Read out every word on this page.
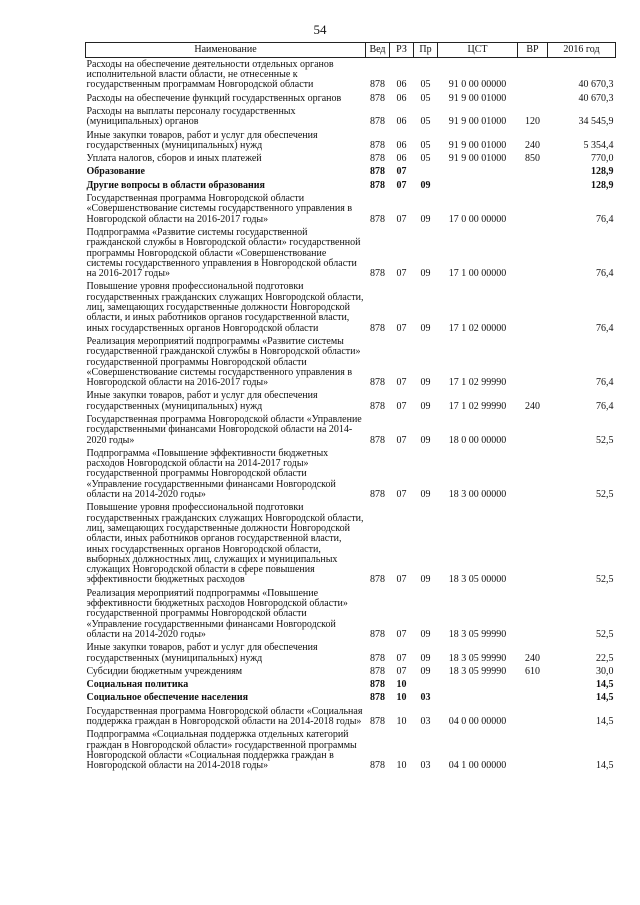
54
Наименование	Вед	РЗ	Пр	ЦСТ	ВР	2016 год
Расходы на обеспечение деятельности отдельных органов исполнительной власти области, не отнесенные к государственным программам Новгородской области	878	06	05	91 0 00 00000		40 670,3
Расходы на обеспечение функций государственных органов	878	06	05	91 9 00 01000		40 670,3
Расходы на выплаты персоналу государственных (муниципальных) органов	878	06	05	91 9 00 01000	120	34 545,9
Иные закупки товаров, работ и услуг для обеспечения государственных (муниципальных) нужд	878	06	05	91 9 00 01000	240	5 354,4
Уплата налогов, сборов и иных платежей	878	06	05	91 9 00 01000	850	770,0
Образование	878	07				128,9
Другие вопросы в области образования	878	07	09			128,9
Государственная программа Новгородской области «Совершенствование системы государственного управления в Новгородской области на 2016-2017 годы»	878	07	09	17 0 00 00000		76,4
Подпрограмма «Развитие системы государственной гражданской службы в Новгородской области» государственной программы Новгородской области «Совершенствование системы государственного управления в Новгородской области на 2016-2017 годы»	878	07	09	17 1 00 00000		76,4
Повышение уровня профессиональной подготовки государственных гражданских служащих Новгородской области, лиц, замещающих государственные должности Новгородской области, и иных работников органов государственной власти, иных государственных органов Новгородской области	878	07	09	17 1 02 00000		76,4
Реализация мероприятий подпрограммы «Развитие системы государственной гражданской службы в Новгородской области» государственной программы Новгородской области «Совершенствование системы государственного управления в Новгородской области на 2016-2017 годы»	878	07	09	17 1 02 99990		76,4
Иные закупки товаров, работ и услуг для обеспечения государственных (муниципальных) нужд	878	07	09	17 1 02 99990	240	76,4
Государственная программа Новгородской области «Управление государственными финансами Новгородской области на 2014-2020 годы»	878	07	09	18 0 00 00000		52,5
Подпрограмма «Повышение эффективности бюджетных расходов Новгородской области на 2014-2017 годы» государственной программы Новгородской области «Управление государственными финансами Новгородской области на 2014-2020 годы»	878	07	09	18 3 00 00000		52,5
Повышение уровня профессиональной подготовки государственных гражданских служащих Новгородской области, лиц, замещающих государственные должности Новгородской области, иных работников органов государственной власти, иных государственных органов Новгородской области, выборных должностных лиц, служащих и муниципальных служащих Новгородской области в сфере повышения эффективности бюджетных расходов	878	07	09	18 3 05 00000		52,5
Реализация мероприятий подпрограммы «Повышение эффективности бюджетных расходов Новгородской области» государственной программы Новгородской области «Управление государственными финансами Новгородской области на 2014-2020 годы»	878	07	09	18 3 05 99990		52,5
Иные закупки товаров, работ и услуг для обеспечения государственных (муниципальных) нужд	878	07	09	18 3 05 99990	240	22,5
Субсидии бюджетным учреждениям	878	07	09	18 3 05 99990	610	30,0
Социальная политика	878	10				14,5
Социальное обеспечение населения	878	10	03			14,5
Государственная программа Новгородской области «Социальная поддержка граждан в Новгородской области на 2014-2018 годы»	878	10	03	04 0 00 00000		14,5
Подпрограмма «Социальная поддержка отдельных категорий граждан в Новгородской области» государственной программы Новгородской области «Социальная поддержка граждан в Новгородской области на 2014-2018 годы»	878	10	03	04 1 00 00000		14,5
